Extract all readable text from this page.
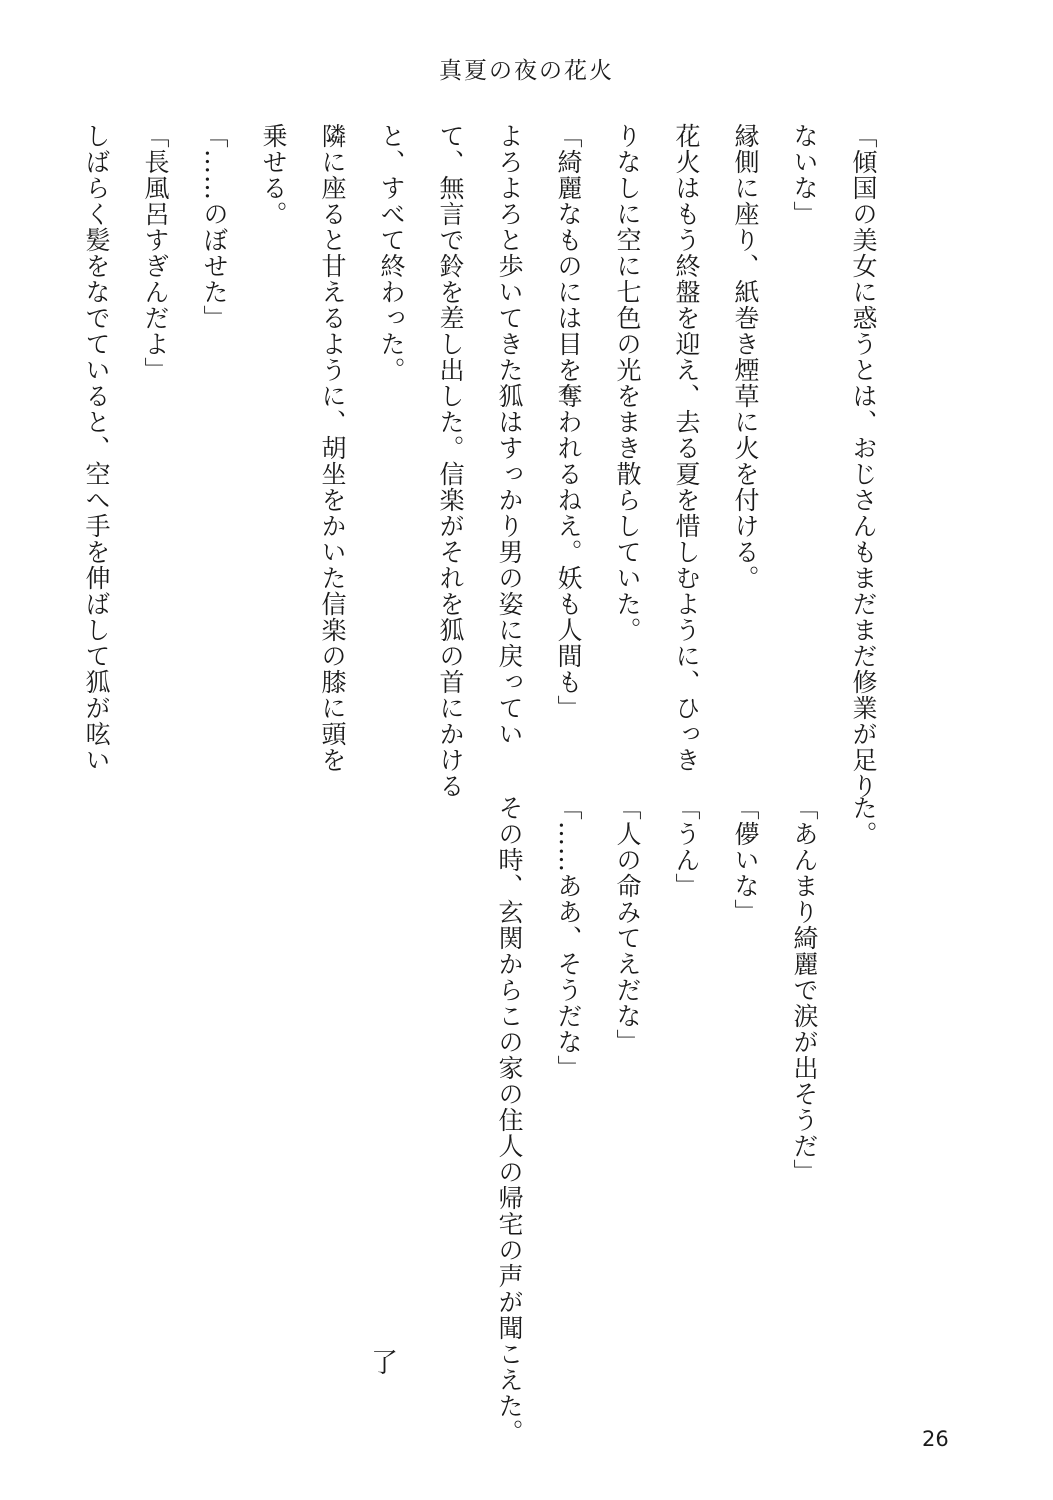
真夏の夜の花火
「傾国の美女に惑うとは、おじさんもまだまだ修業が足り
ないな」
縁側に座り、紙巻き煙草に火を付ける。
花火はもう終盤を迎え、去る夏を惜しむように、ひっき
りなしに空に七色の光をまき散らしていた。
「綺麗なものには目を奪われるねえ。妖も人間も」
よろよろと歩いてきた狐はすっかり男の姿に戻ってい
て、無言で鈴を差し出した。信楽がそれを狐の首にかける
と、すべて終わった。
隣に座ると甘えるように、胡坐をかいた信楽の膝に頭を
乗せる。
「……のぼせた」
「長風呂すぎんだよ」
しばらく髪をなでていると、空へ手を伸ばして狐が呟い
た。
「あんまり綺麗で涙が出そうだ」
「儚いな」
「うん」
「人の命みてえだな」
「……ああ、そうだな」
その時、玄関からこの家の住人の帰宅の声が聞こえた。
了
26
